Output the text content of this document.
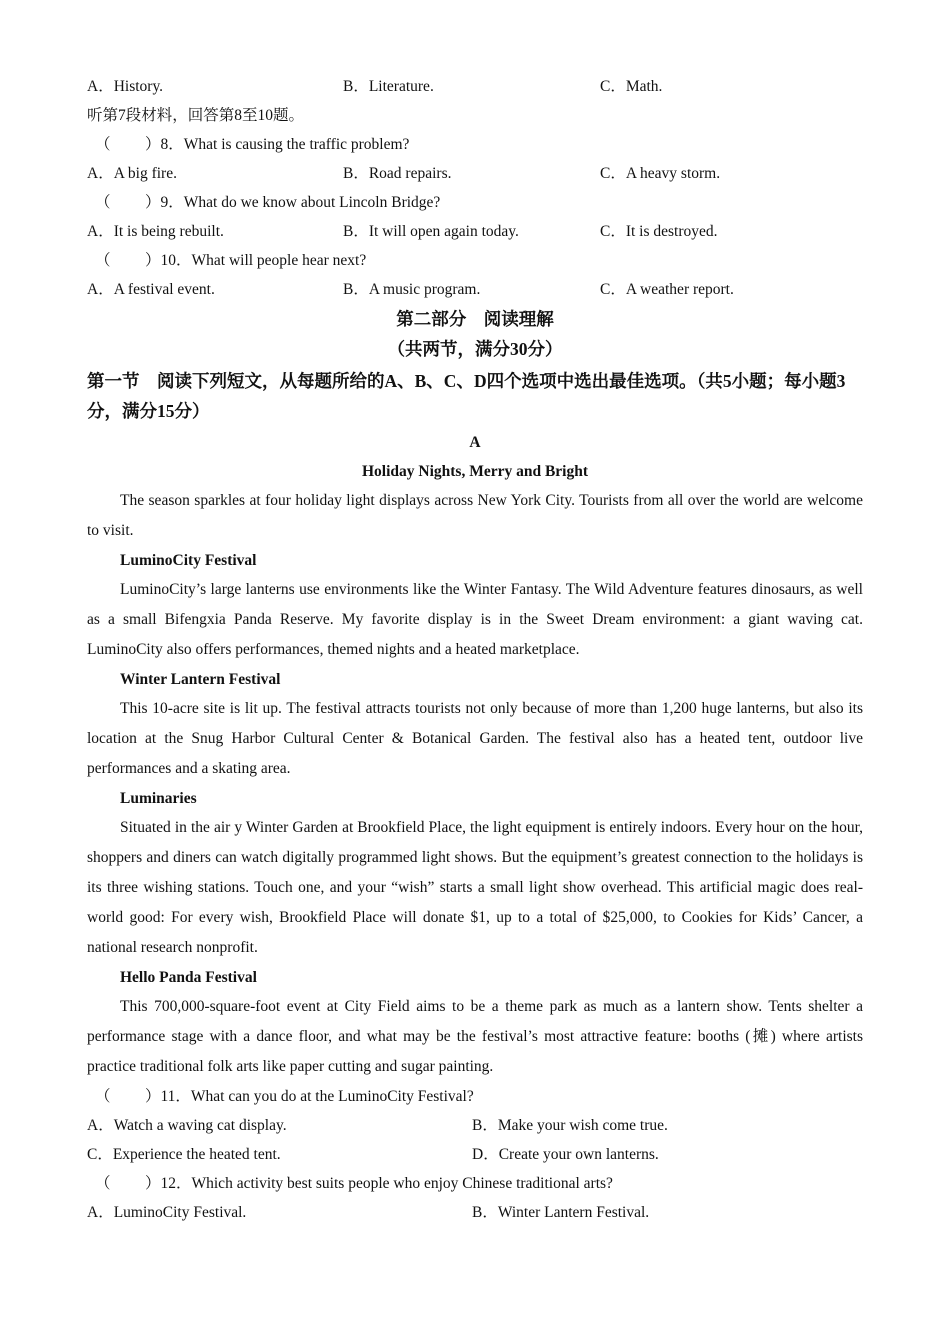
A．History.	B．Literature.	C．Math.
听第7段材料，回答第8至10题。
（ ）8．What is causing the traffic problem?
A．A big fire.	B．Road repairs.	C．A heavy storm.
（ ）9．What do we know about Lincoln Bridge?
A．It is being rebuilt.	B．It will open again today.	C．It is destroyed.
（ ）10．What will people hear next?
A．A festival event.	B．A music program.	C．A weather report.
第二部分　阅读理解
（共两节，满分30分）
第一节　阅读下列短文，从每题所给的A、B、C、D四个选项中选出最佳选项。（共5小题；每小题3分，满分15分）
A
Holiday Nights, Merry and Bright

The season sparkles at four holiday light displays across New York City. Tourists from all over the world are welcome to visit.

LuminoCity Festival

LuminoCity’s large lanterns use environments like the Winter Fantasy. The Wild Adventure features dinosaurs, as well as a small Bifengxia Panda Reserve. My favorite display is in the Sweet Dream environment: a giant waving cat. LuminoCity also offers performances, themed nights and a heated marketplace.

Winter Lantern Festival

This 10-acre site is lit up. The festival attracts tourists not only because of more than 1,200 huge lanterns, but also its location at the Snug Harbor Cultural Center & Botanical Garden. The festival also has a heated tent, outdoor live performances and a skating area.

Luminaries

Situated in the air y Winter Garden at Brookfield Place, the light equipment is entirely indoors. Every hour on the hour, shoppers and diners can watch digitally programmed light shows. But the equipment’s greatest connection to the holidays is its three wishing stations. Touch one, and your “wish” starts a small light show overhead. This artificial magic does real-world good: For every wish, Brookfield Place will donate $1, up to a total of $25,000, to Cookies for Kids’ Cancer, a national research nonprofit.

Hello Panda Festival

This 700,000-square-foot event at City Field aims to be a theme park as much as a lantern show. Tents shelter a performance stage with a dance floor, and what may be the festival’s most attractive feature: booths (摊) where artists practice traditional folk arts like paper cutting and sugar painting.

（ ）11．What can you do at the LuminoCity Festival?
A．Watch a waving cat display.	B．Make your wish come true.
C．Experience the heated tent.	D．Create your own lanterns.
（ ）12．Which activity best suits people who enjoy Chinese traditional arts?
A．LuminoCity Festival.	B．Winter Lantern Festival.
